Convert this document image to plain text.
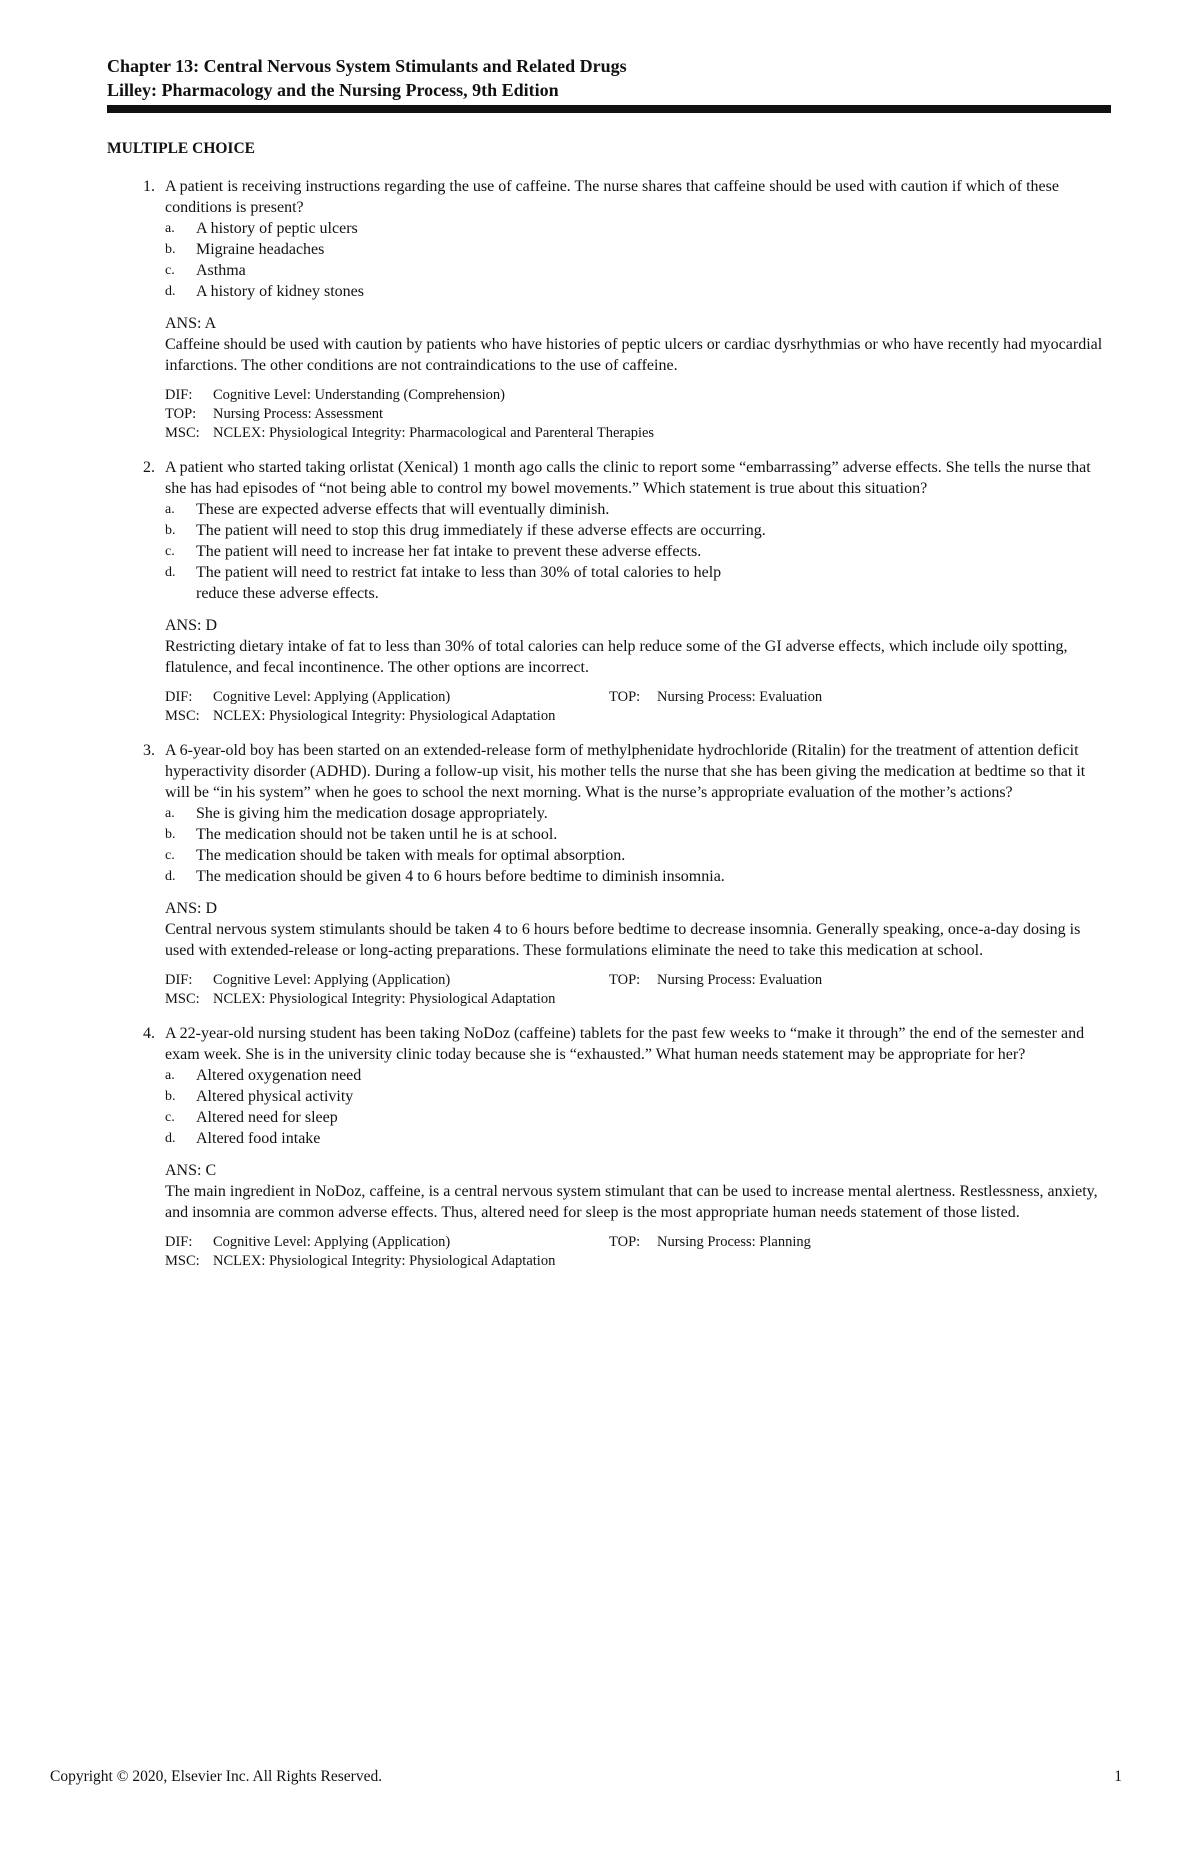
Chapter 13: Central Nervous System Stimulants and Related Drugs
Lilley: Pharmacology and the Nursing Process, 9th Edition
MULTIPLE CHOICE
1. A patient is receiving instructions regarding the use of caffeine. The nurse shares that caffeine should be used with caution if which of these conditions is present?

a.	A history of peptic ulcers
b.	Migraine headaches
c.	Asthma
d.	A history of kidney stones
ANS: A

Caffeine should be used with caution by patients who have histories of peptic ulcers or cardiac dysrhythmias or who have recently had myocardial infarctions. The other conditions are not contraindications to the use of caffeine.

DIF:	Cognitive Level: Understanding (Comprehension)
TOP:	Nursing Process: Assessment
MSC: NCLEX: Physiological Integrity: Pharmacological and Parenteral Therapies
2. A patient who started taking orlistat (Xenical) 1 month ago calls the clinic to report some “embarrassing” adverse effects. She tells the nurse that she has had episodes of “not being able to control my bowel movements.” Which statement is true about this situation?

a.	These are expected adverse effects that will eventually diminish.
b.	The patient will need to stop this drug immediately if these adverse effects are occurring.
c.	The patient will need to increase her fat intake to prevent these adverse effects.
d.	The patient will need to restrict fat intake to less than 30% of total calories to help reduce these adverse effects.
ANS: D

Restricting dietary intake of fat to less than 30% of total calories can help reduce some of the GI adverse effects, which include oily spotting, flatulence, and fecal incontinence. The other options are incorrect.

DIF:	Cognitive Level: Applying (Application)	TOP:	Nursing Process: Evaluation
MSC: NCLEX: Physiological Integrity: Physiological Adaptation
3. A 6-year-old boy has been started on an extended-release form of methylphenidate hydrochloride (Ritalin) for the treatment of attention deficit hyperactivity disorder (ADHD). During a follow-up visit, his mother tells the nurse that she has been giving the medication at bedtime so that it will be “in his system” when he goes to school the next morning. What is the nurse’s appropriate evaluation of the mother’s actions?

a.	She is giving him the medication dosage appropriately.
b.	The medication should not be taken until he is at school.
c.	The medication should be taken with meals for optimal absorption.
d.	The medication should be given 4 to 6 hours before bedtime to diminish insomnia.
ANS: D

Central nervous system stimulants should be taken 4 to 6 hours before bedtime to decrease insomnia. Generally speaking, once-a-day dosing is used with extended-release or long-acting preparations. These formulations eliminate the need to take this medication at school.

DIF:	Cognitive Level: Applying (Application)	TOP:	Nursing Process: Evaluation
MSC: NCLEX: Physiological Integrity: Physiological Adaptation
4. A 22-year-old nursing student has been taking NoDoz (caffeine) tablets for the past few weeks to “make it through” the end of the semester and exam week. She is in the university clinic today because she is “exhausted.” What human needs statement may be appropriate for her?

a.	Altered oxygenation need
b.	Altered physical activity
c.	Altered need for sleep
d.	Altered food intake
ANS: C

The main ingredient in NoDoz, caffeine, is a central nervous system stimulant that can be used to increase mental alertness. Restlessness, anxiety, and insomnia are common adverse effects. Thus, altered need for sleep is the most appropriate human needs statement of those listed.

DIF:	Cognitive Level: Applying (Application)	TOP:	Nursing Process: Planning
MSC: NCLEX: Physiological Integrity: Physiological Adaptation
Copyright © 2020, Elsevier Inc. All Rights Reserved.	1
